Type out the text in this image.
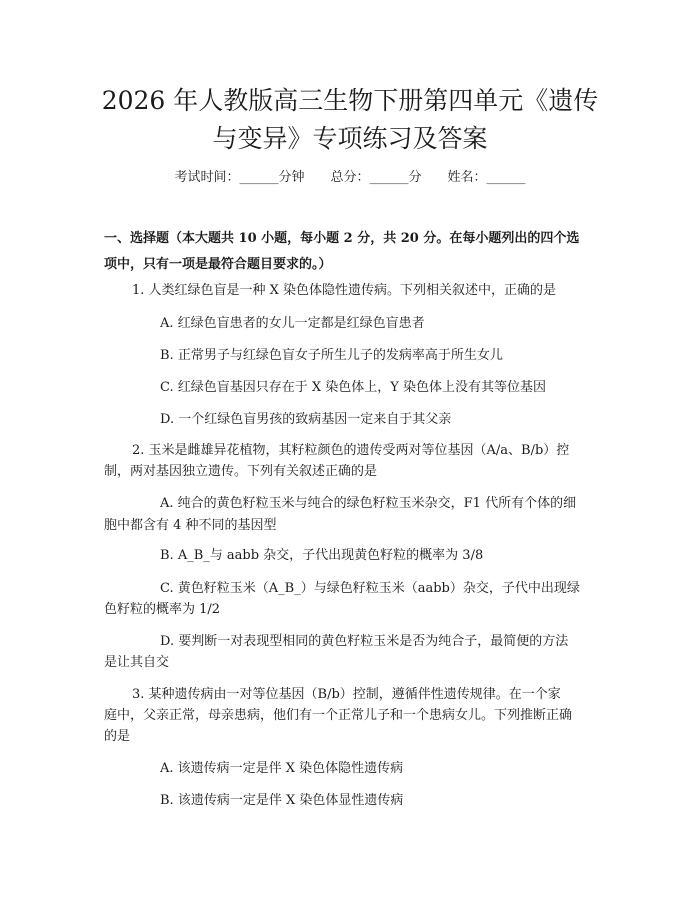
2026 年人教版高三生物下册第四单元《遗传
与变异》专项练习及答案
考试时间：______分钟 总分：______分 姓名：______
一、选择题（本大题共 10 小题，每小题 2 分，共 20 分。在每小题列出的四个选
项中，只有一项是最符合题目要求的。）
1. 人类红绿色盲是一种 X 染色体隐性遗传病。下列相关叙述中，正确的是
A. 红绿色盲患者的女儿一定都是红绿色盲患者
B. 正常男子与红绿色盲女子所生儿子的发病率高于所生女儿
C. 红绿色盲基因只存在于 X 染色体上，Y 染色体上没有其等位基因
D. 一个红绿色盲男孩的致病基因一定来自于其父亲
2. 玉米是雌雄异花植物，其籽粒颜色的遗传受两对等位基因（A/a、B/b）控
制，两对基因独立遗传。下列有关叙述正确的是
A. 纯合的黄色籽粒玉米与纯合的绿色籽粒玉米杂交，F1 代所有个体的细
胞中都含有 4 种不同的基因型
B. A_B_与 aabb 杂交，子代出现黄色籽粒的概率为 3/8
C. 黄色籽粒玉米（A_B_）与绿色籽粒玉米（aabb）杂交，子代中出现绿
色籽粒的概率为 1/2
D. 要判断一对表现型相同的黄色籽粒玉米是否为纯合子，最简便的方法
是让其自交
3. 某种遗传病由一对等位基因（B/b）控制，遵循伴性遗传规律。在一个家
庭中，父亲正常，母亲患病，他们有一个正常儿子和一个患病女儿。下列推断正确
的是
A. 该遗传病一定是伴 X 染色体隐性遗传病
B. 该遗传病一定是伴 X 染色体显性遗传病
